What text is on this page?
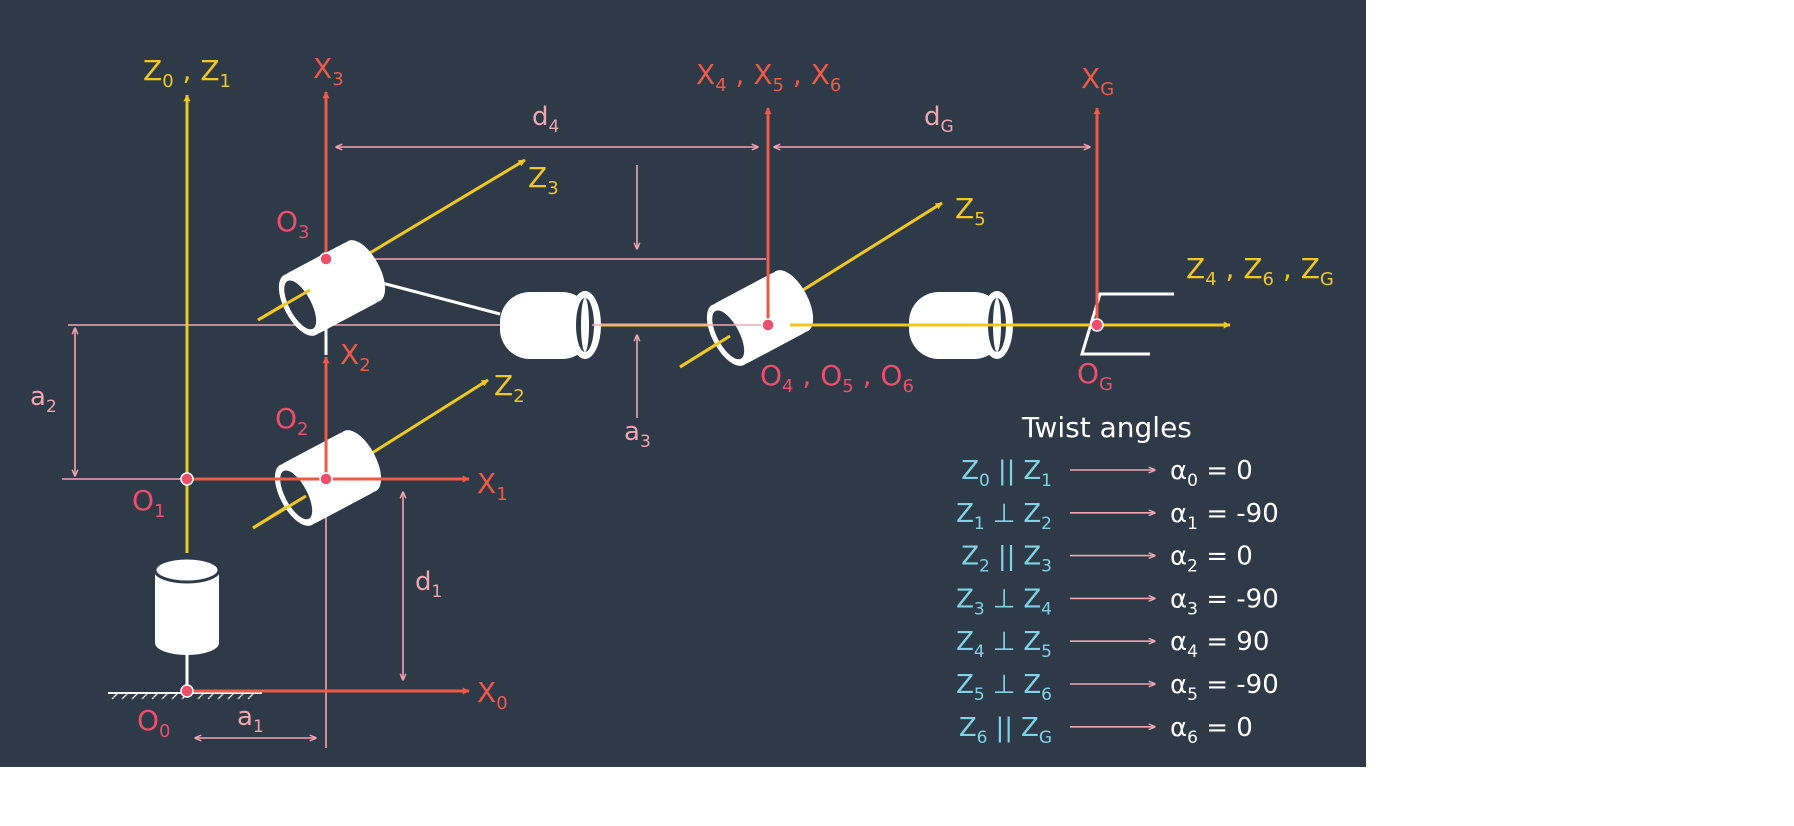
$Z_0$ , $Z_1$	$X_3$	$X_4$ , $X_5$ , $X_6$	$X_G$
$Z_3$
$Z_5$
$Z_4$ , $Z_6$ , $Z_G$
$X_2$
$Z_2$
$X_1$
$X_0$
$O_3$
$O_2$
$O_1$
$O_0$
$O_4$ , $O_5$ , $O_6$	$O_G$
$d_4$	$d_G$
$a_2$
$a_3$
$d_1$
$a_1$
Twist angles
$Z_0$ || $Z_1$	$\alpha_0 = 0$
$Z_1$ ⊥ $Z_2$	$\alpha_1 = -90$
$Z_2$ || $Z_3$	$\alpha_2 = 0$
$Z_3$ ⊥ $Z_4$	$\alpha_3 = -90$
$Z_4$ ⊥ $Z_5$	$\alpha_4 = 90$
$Z_5$ ⊥ $Z_6$	$\alpha_5 = -90$
$Z_6$ || $Z_G$	$\alpha_6 = 0$
